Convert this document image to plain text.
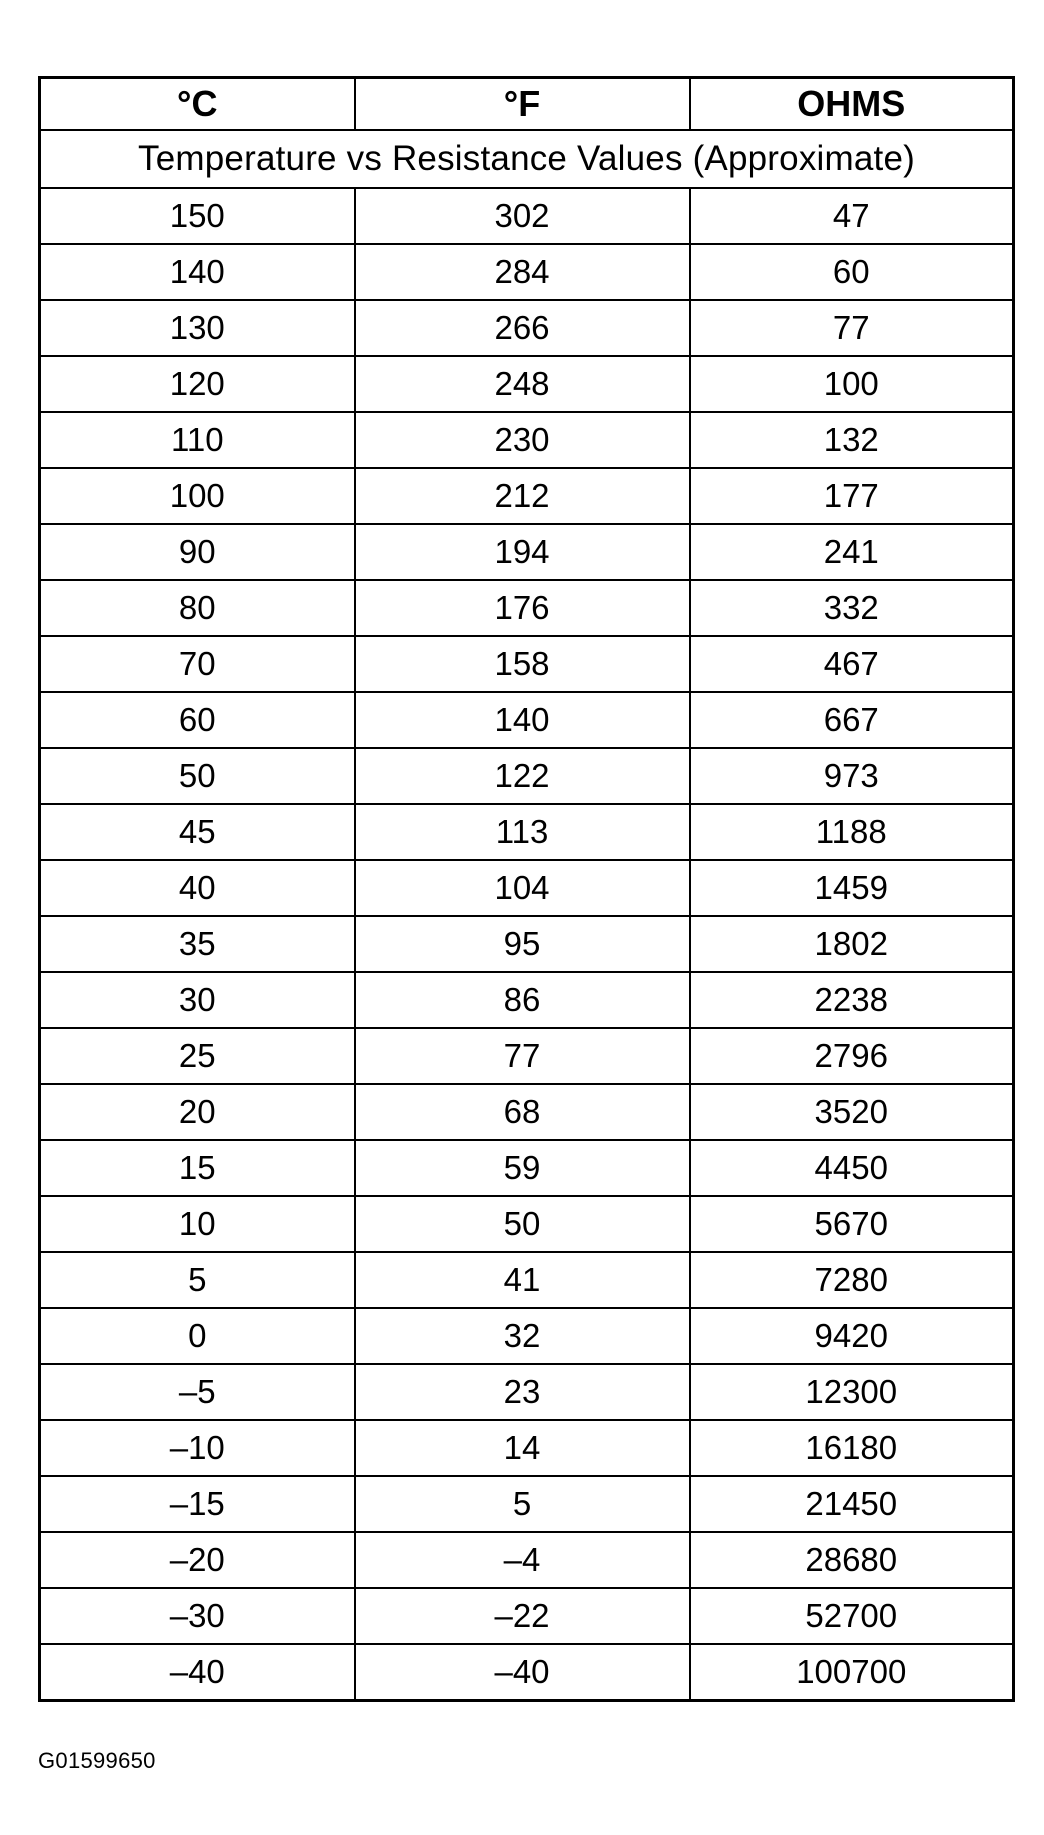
°C	°F	OHMS
Temperature vs Resistance Values (Approximate)		
150	302	47
140	284	60
130	266	77
120	248	100
110	230	132
100	212	177
90	194	241
80	176	332
70	158	467
60	140	667
50	122	973
45	113	1188
40	104	1459
35	95	1802
30	86	2238
25	77	2796
20	68	3520
15	59	4450
10	50	5670
5	41	7280
0	32	9420
–5	23	12300
–10	14	16180
–15	5	21450
–20	–4	28680
–30	–22	52700
–40	–40	100700
G01599650
